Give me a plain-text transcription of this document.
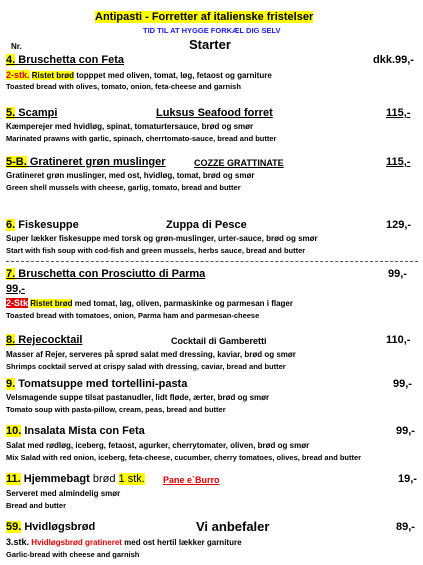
Antipasti - Forretter af italienske fristelser
TID TIL AT HYGGE FORKÆL DIG SELV
Nr.	Starter
4. Bruschetta con Feta	dkk.99,-
2-stk. Ristet brød topppet med oliven, tomat, løg, fetaost og garniture
Toasted bread with olives, tomato, onion, feta-cheese and garnish
5. Scampi	Luksus Seafood forret	115,-
Kæmperejer med hvidløg, spinat, tomaturtersauce, brød og smør
Marinated prawns with garlic, spinach, cherrtomato-sauce, bread and butter
5-B. Gratineret grøn muslinger	COZZE GRATTINATE	115,-
Gratineret grøn muslinger, med ost, hvidløg, tomat, brød og smør
Green shell mussels with cheese, garlig, tomato, bread and butter
6. Fiskesuppe	Zuppa di Pesce	129,-
Super lækker fiskesuppe med torsk og grøn-muslinger, urter-sauce, brød og smør
Start with fish soup with cod-fish and green mussels, herbs sauce, bread and butter
7. Bruschetta con Prosciutto di Parma	99,-
99,-
2-Stk Ristet brød med tomat, løg, oliven, parmaskinke og parmesan i flager
Toasted bread with tomatoes, onion, Parma ham and parmesan-cheese
8. Rejecocktail	Cocktail di Gamberetti	110,-
Masser af Rejer, serveres på sprød salat med dressing, kaviar, brød og smør
Shrimps cocktail served at crispy salad with dressing, caviar, bread and butter
9. Tomatsuppe med tortellini-pasta	99,-
Velsmagende suppe tilsat pastanudler, lidt fløde, ærter, brød og smør
Tomato soup with pasta-pillow, cream, peas, bread and butter
10. Insalata Mista con Feta	99,-
Salat med rødløg, iceberg, fetaost, agurker, cherrytomater, oliven, brød og smør
Mix Salad with red onion, iceberg, feta-cheese, cucumber, cherry tomatoes, olives, bread and butter
11. Hjemmebagt brød 1 stk. Pane e`Burro	19,-
Serveret med almindelig smør
Bread and butter
59. Hvidløgsbrød	Vi anbefaler	89,-
3.stk. Hvidløgsbrød gratineret med ost hertil lækker garniture
Garlic-bread with cheese and garnish
